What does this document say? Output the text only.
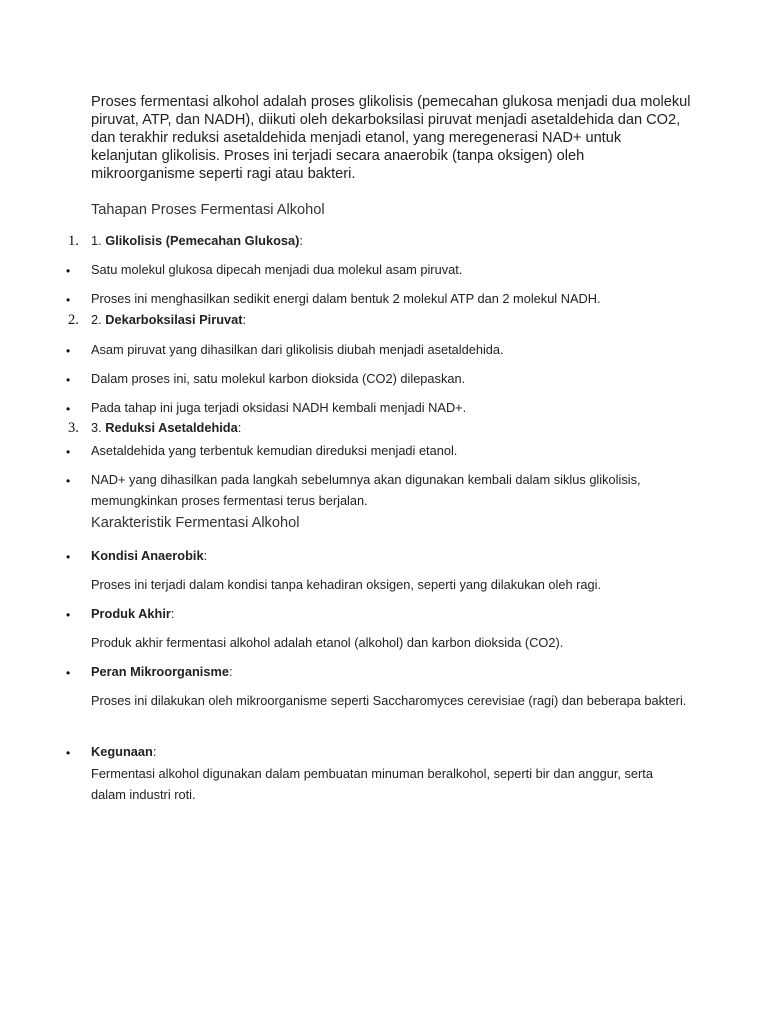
Proses fermentasi alkohol adalah proses glikolisis (pemecahan glukosa menjadi dua molekul piruvat, ATP, dan NADH), diikuti oleh dekarboksilasi piruvat menjadi asetaldehida dan CO2, dan terakhir reduksi asetaldehida menjadi etanol, yang meregenerasi NAD+ untuk kelanjutan glikolisis. Proses ini terjadi secara anaerobik (tanpa oksigen) oleh mikroorganisme seperti ragi atau bakteri.

Tahapan Proses Fermentasi Alkohol
1. 1. Glikolisis (Pemecahan Glukosa):
• Satu molekul glukosa dipecah menjadi dua molekul asam piruvat.
• Proses ini menghasilkan sedikit energi dalam bentuk 2 molekul ATP dan 2 molekul NADH.
2. 2. Dekarboksilasi Piruvat:
• Asam piruvat yang dihasilkan dari glikolisis diubah menjadi asetaldehida.
• Dalam proses ini, satu molekul karbon dioksida (CO2) dilepaskan.
• Pada tahap ini juga terjadi oksidasi NADH kembali menjadi NAD+.
3. 3. Reduksi Asetaldehida:
• Asetaldehida yang terbentuk kemudian direduksi menjadi etanol.
• NAD+ yang dihasilkan pada langkah sebelumnya akan digunakan kembali dalam siklus glikolisis, memungkinkan proses fermentasi terus berjalan.
Karakteristik Fermentasi Alkohol
• Kondisi Anaerobik:
Proses ini terjadi dalam kondisi tanpa kehadiran oksigen, seperti yang dilakukan oleh ragi.
• Produk Akhir:
Produk akhir fermentasi alkohol adalah etanol (alkohol) dan karbon dioksida (CO2).
• Peran Mikroorganisme:
Proses ini dilakukan oleh mikroorganisme seperti Saccharomyces cerevisiae (ragi) dan beberapa bakteri.
• Kegunaan:
Fermentasi alkohol digunakan dalam pembuatan minuman beralkohol, seperti bir dan anggur, serta dalam industri roti.
